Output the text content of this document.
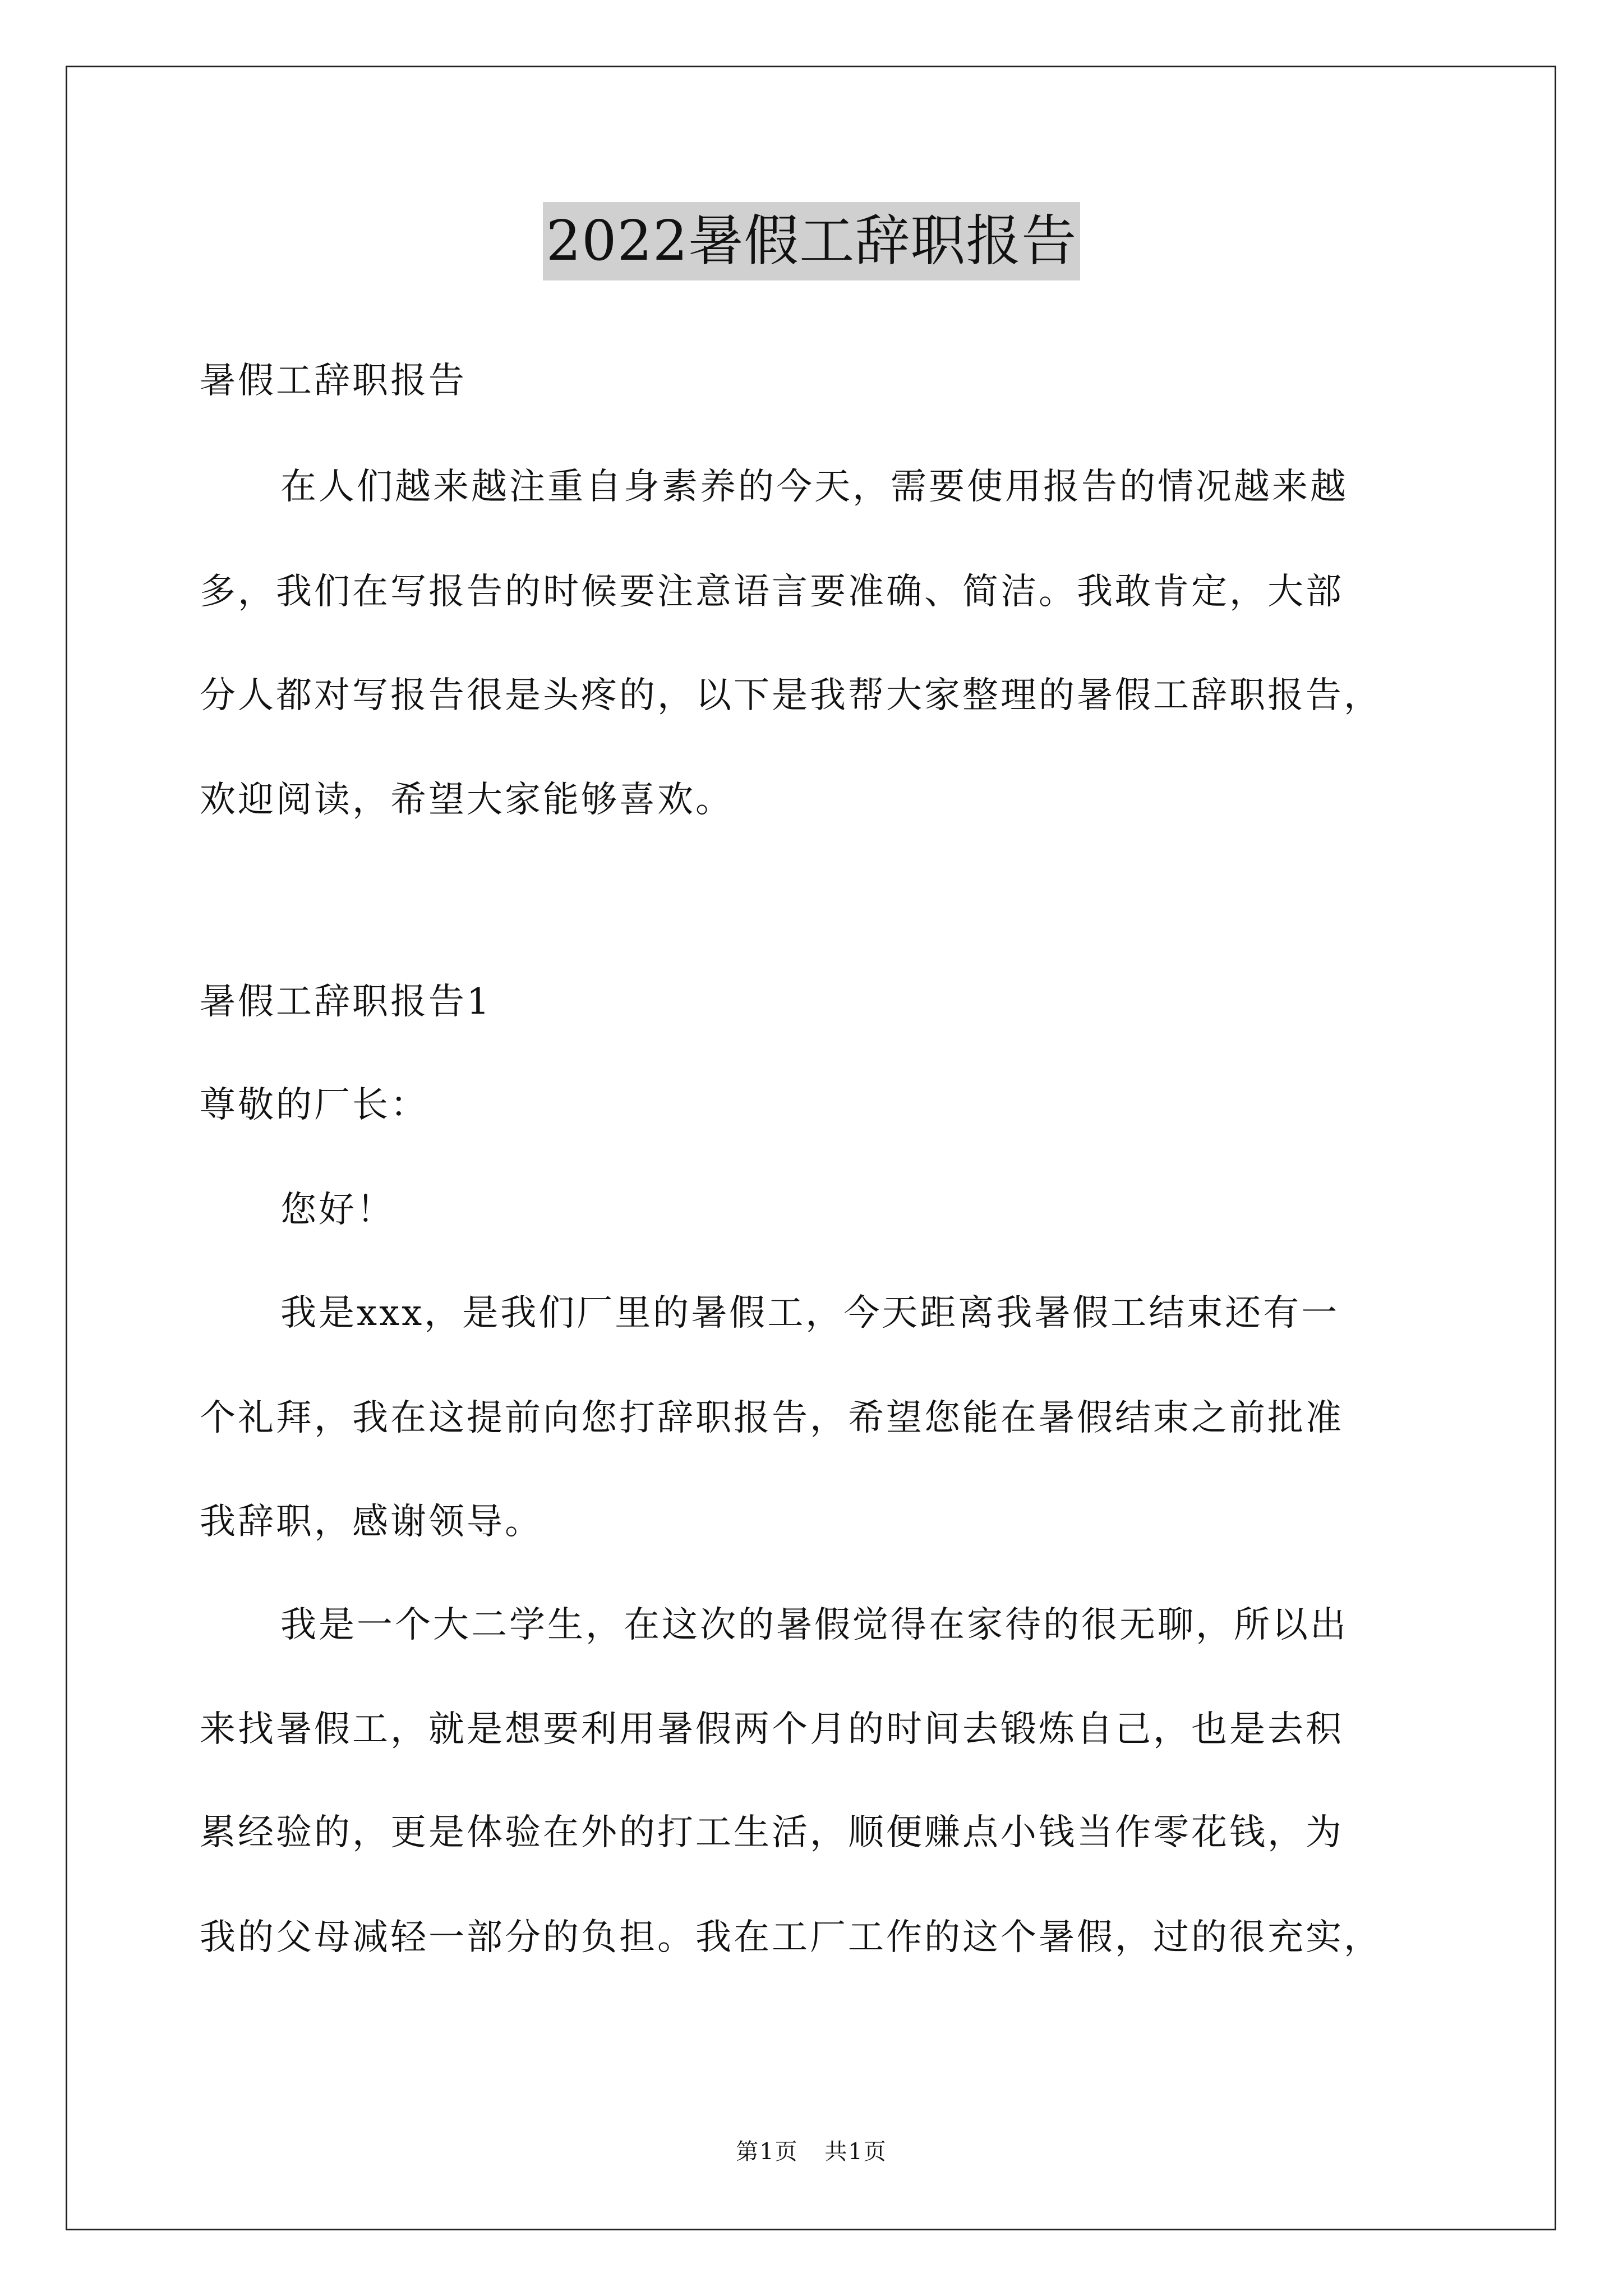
2022暑假工辞职报告
暑假工辞职报告
在人们越来越注重自身素养的今天，需要使用报告的情况越来越
多，我们在写报告的时候要注意语言要准确、简洁。我敢肯定，大部
分人都对写报告很是头疼的，以下是我帮大家整理的暑假工辞职报告，
欢迎阅读，希望大家能够喜欢。
暑假工辞职报告1
尊敬的厂长：
您好！
我是xxx，是我们厂里的暑假工，今天距离我暑假工结束还有一
个礼拜，我在这提前向您打辞职报告，希望您能在暑假结束之前批准
我辞职，感谢领导。
我是一个大二学生，在这次的暑假觉得在家待的很无聊，所以出
来找暑假工，就是想要利用暑假两个月的时间去锻炼自己，也是去积
累经验的，更是体验在外的打工生活，顺便赚点小钱当作零花钱，为
我的父母减轻一部分的负担。我在工厂工作的这个暑假，过的很充实，
第1页 共1页
